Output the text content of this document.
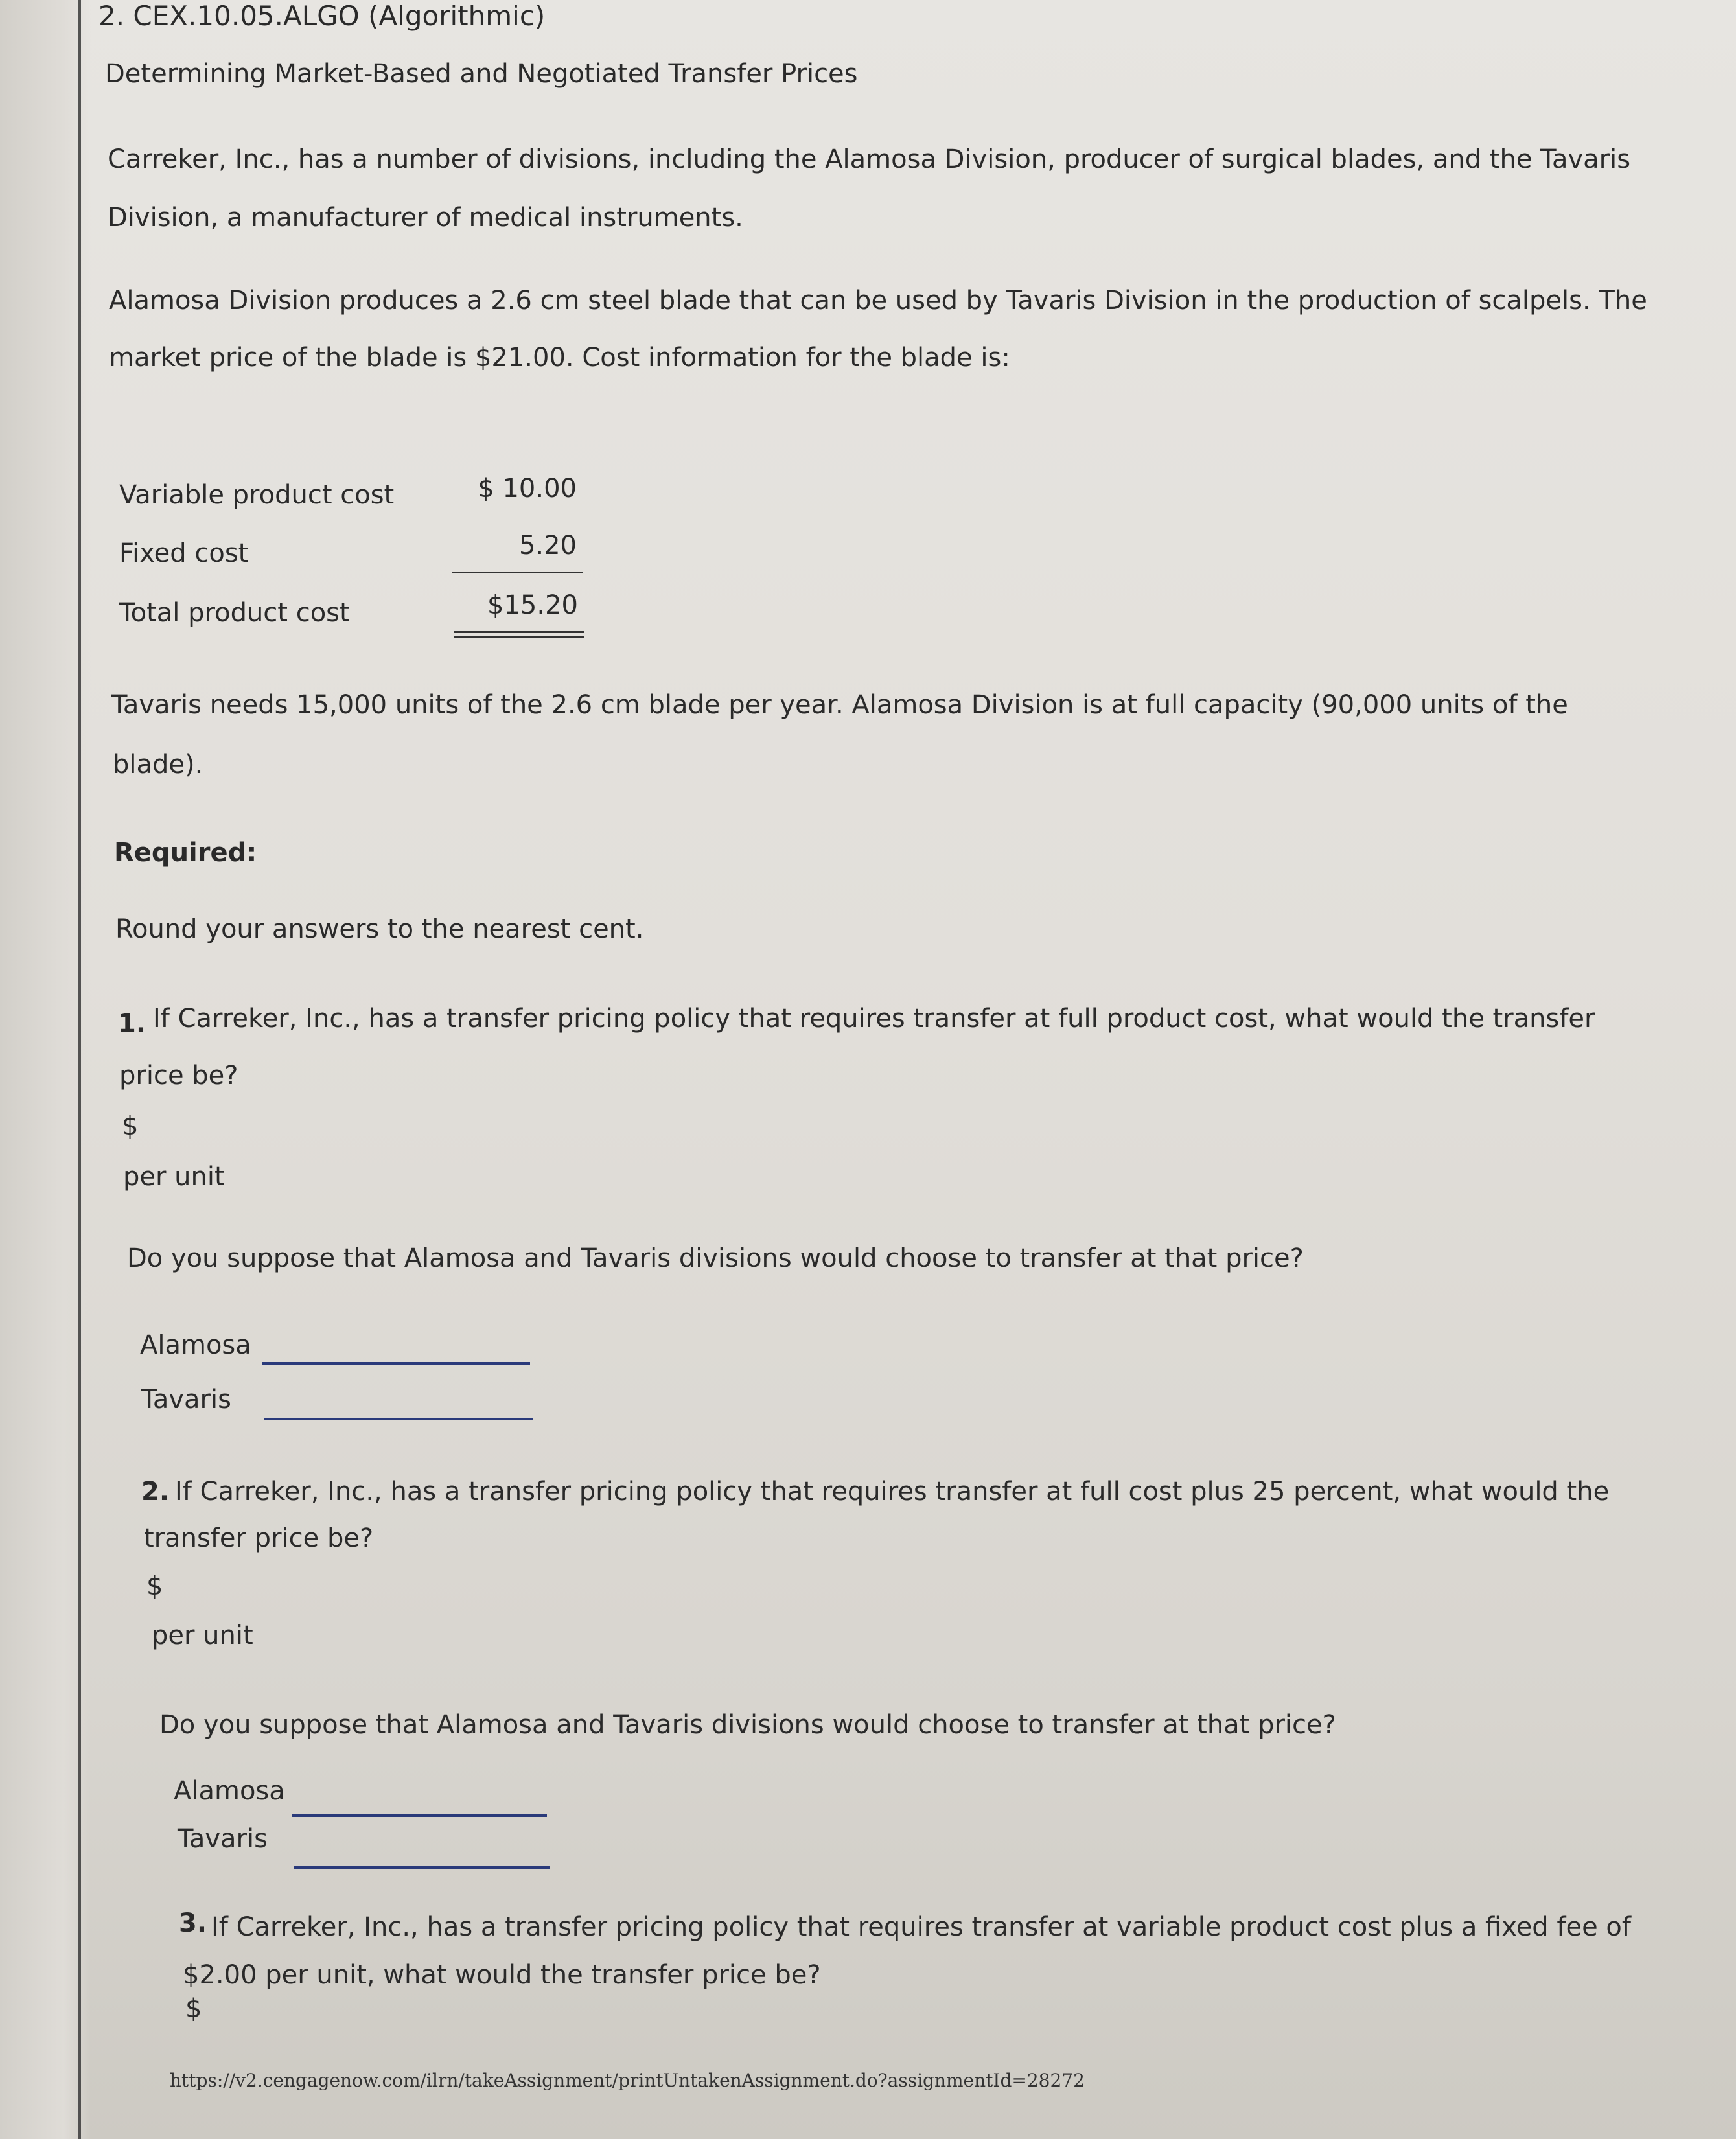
2. CEX.10.05.ALGO (Algorithmic)
Determining Market-Based and Negotiated Transfer Prices
Carreker, Inc., has a number of divisions, including the Alamosa Division, producer of surgical blades, and the Tavaris
Division, a manufacturer of medical instruments.
Alamosa Division produces a 2.6 cm steel blade that can be used by Tavaris Division in the production of scalpels. The
market price of the blade is $21.00. Cost information for the blade is:
Variable product cost	$ 10.00
Fixed cost	5.20
Total product cost	$15.20
Tavaris needs 15,000 units of the 2.6 cm blade per year. Alamosa Division is at full capacity (90,000 units of the
blade).
Required:
Round your answers to the nearest cent.
1. If Carreker, Inc., has a transfer pricing policy that requires transfer at full product cost, what would the transfer
price be?
$
per unit
Do you suppose that Alamosa and Tavaris divisions would choose to transfer at that price?
Alamosa
Tavaris
2. If Carreker, Inc., has a transfer pricing policy that requires transfer at full cost plus 25 percent, what would the
transfer price be?
$
per unit
Do you suppose that Alamosa and Tavaris divisions would choose to transfer at that price?
Alamosa
Tavaris
3. If Carreker, Inc., has a transfer pricing policy that requires transfer at variable product cost plus a fixed fee of
$2.00 per unit, what would the transfer price be?
$
https://v2.cengagenow.com/ilrn/takeAssignment/printUntakenAssignment.do?assignmentId=28272
